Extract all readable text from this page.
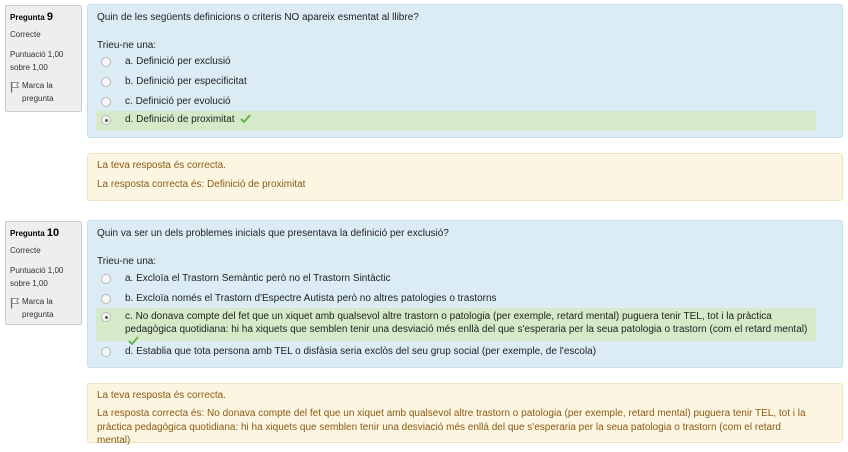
Pregunta 9
Correcte
Puntuació 1,00
sobre 1,00
Marca la
pregunta
Quin de les següents definicions o criteris NO apareix esmentat al llibre?
Trieu-ne una:
a. Definició per exclusió
b. Definició per especificitat
c. Definició per evolució
d. Definició de proximitat
La teva resposta és correcta.
La resposta correcta és: Definició de proximitat
Pregunta 10
Correcte
Puntuació 1,00
sobre 1,00
Marca la
pregunta
Quin va ser un dels problemes inicials que presentava la definició per exclusió?
Trieu-ne una:
a. Excloïa el Trastorn Semàntic però no el Trastorn Sintàctic
b. Excloïa només el Trastorn d'Espectre Autista però no altres patologies o trastorns
c. No donava compte del fet que un xiquet amb qualsevol altre trastorn o patologia (per exemple, retard mental) puguera tenir TEL, tot i la pràctica pedagògica quotidiana: hi ha xiquets que semblen tenir una desviació més enllà del que s'esperaria per la seua patologia o trastorn (com el retard mental)
d. Establia que tota persona amb TEL o disfàsia seria exclòs del seu grup social (per exemple, de l'escola)
La teva resposta és correcta.
La resposta correcta és: No donava compte del fet que un xiquet amb qualsevol altre trastorn o patologia (per exemple, retard mental) puguera tenir TEL, tot i la pràctica pedagògica quotidiana: hi ha xiquets que semblen tenir una desviació més enllà del que s'esperaria per la seua patologia o trastorn (com el retard mental)
